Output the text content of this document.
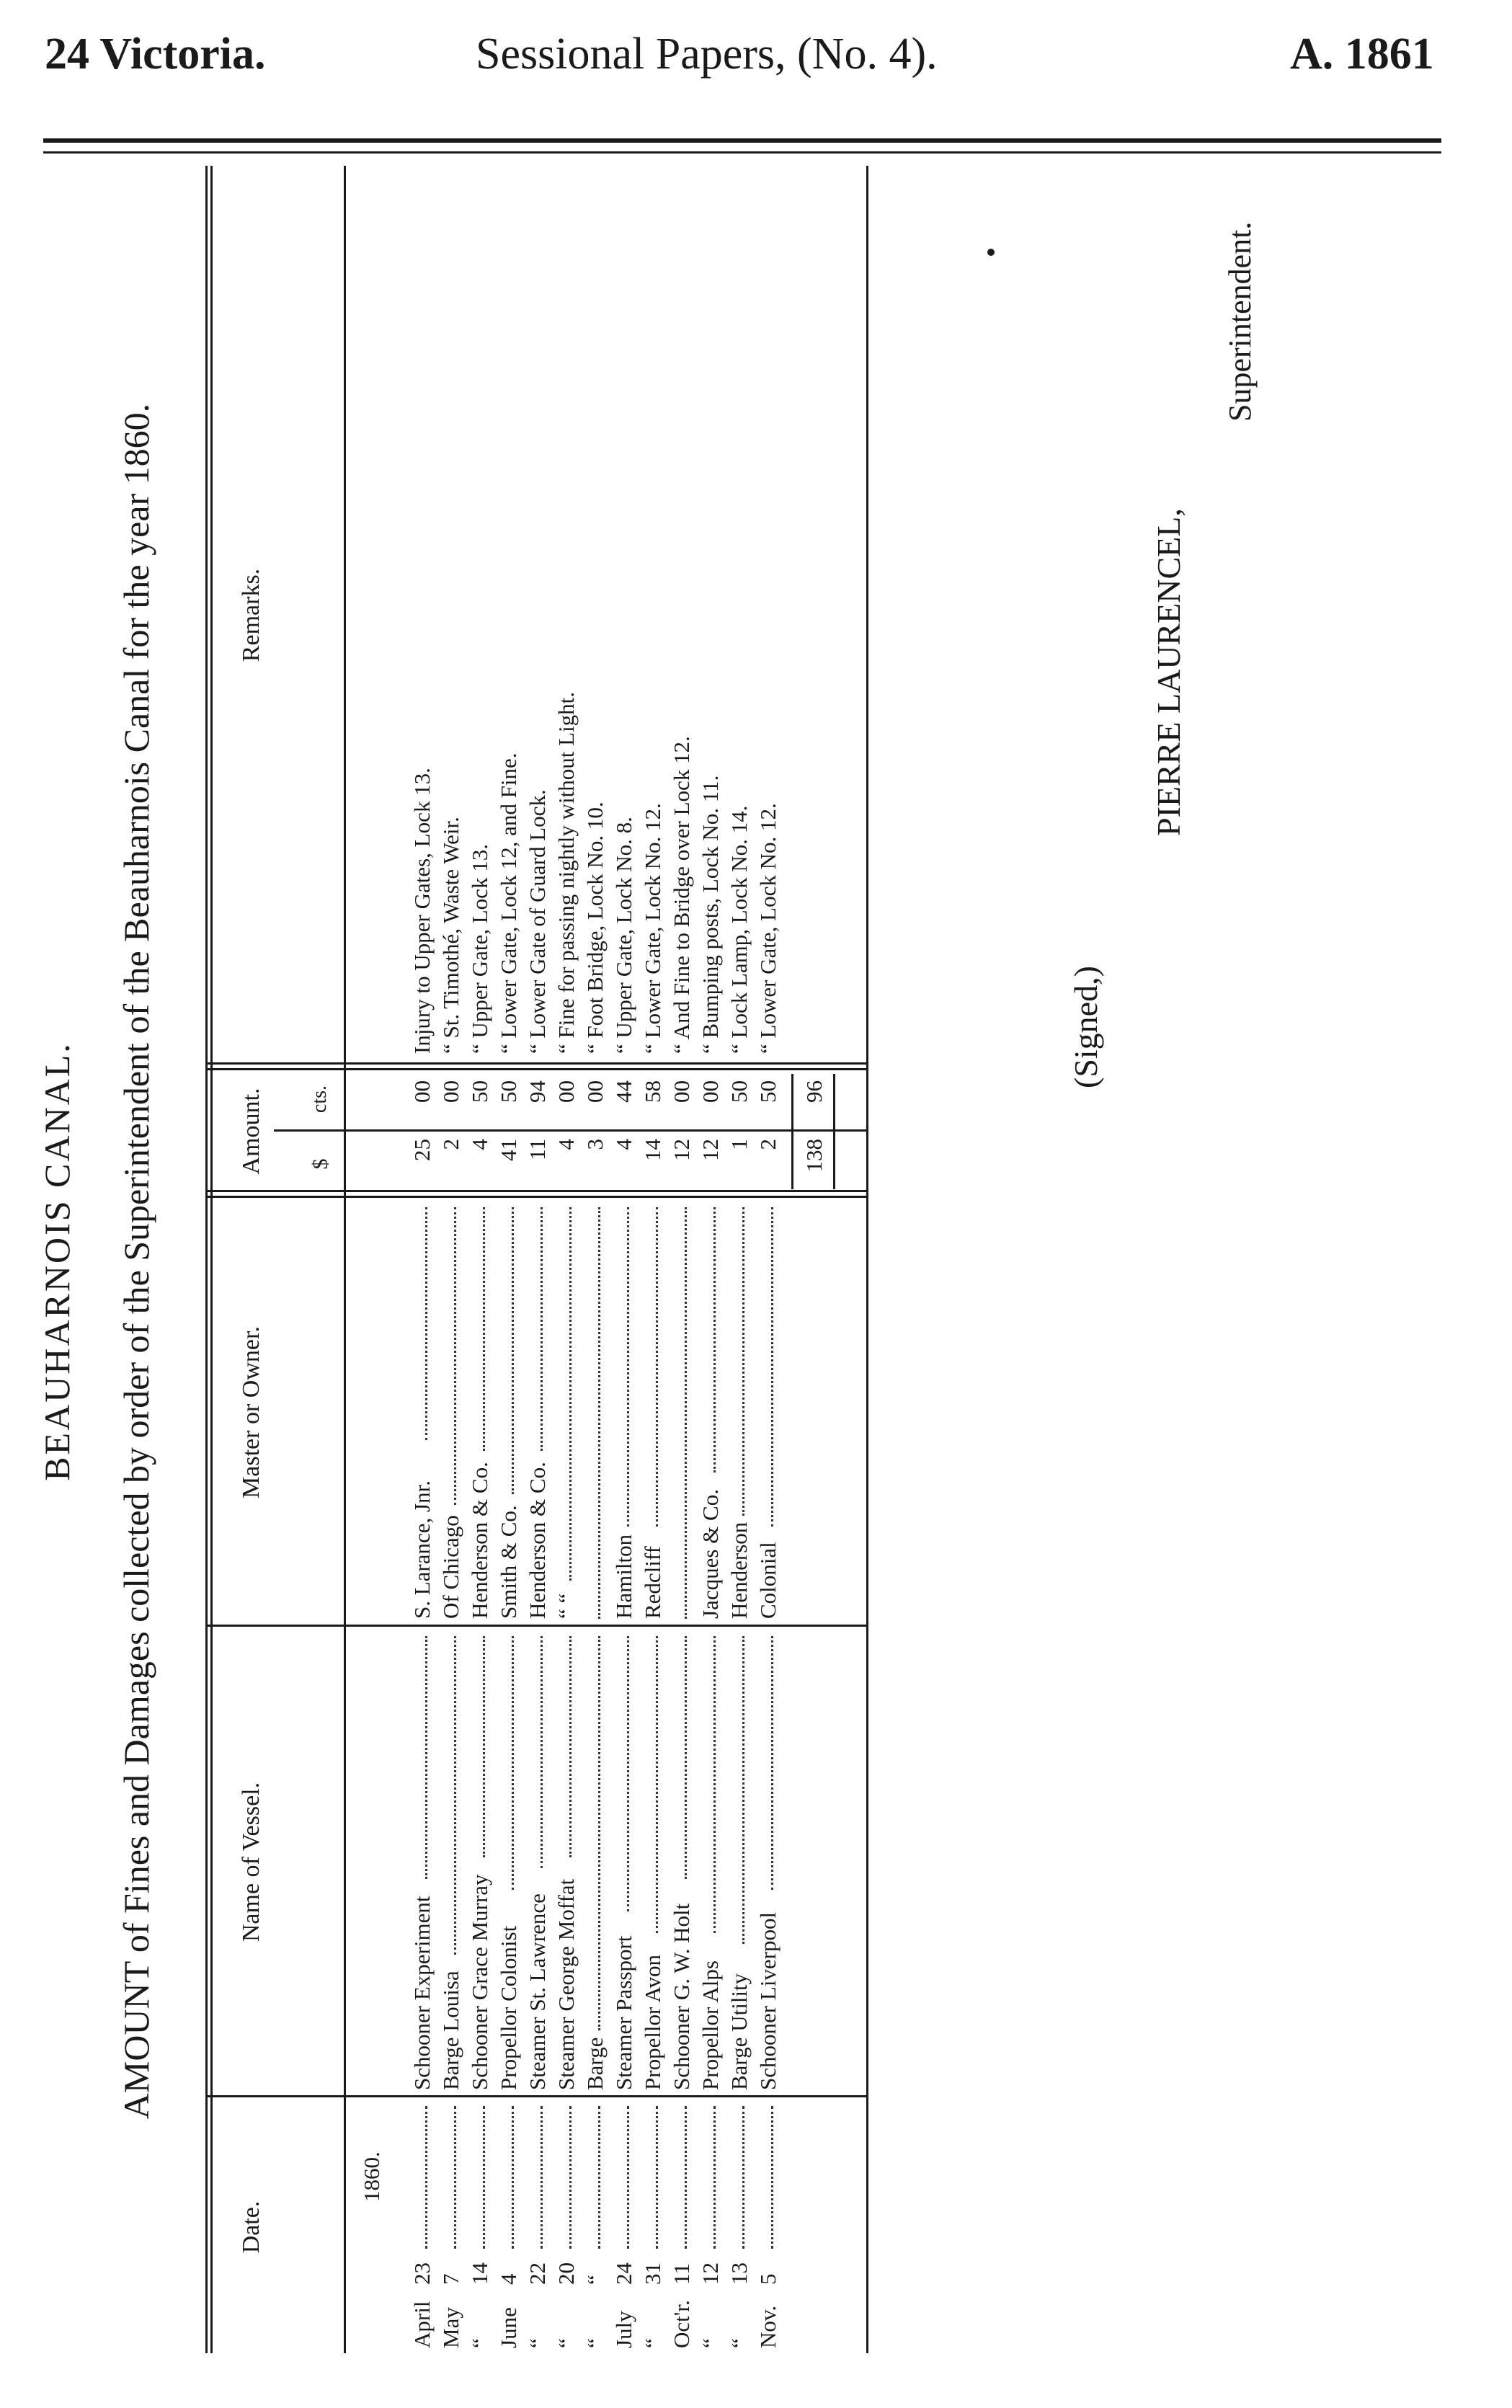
24 Victoria.	Sessional Papers, (No. 4).	A. 1861
BEAUHARNOIS CANAL. AMOUNT of Fines and Damages collected by order of the Superintendent of the Beauharnois Canal for the year 1860.
Date.
Name of Vessel.
Master or Owner.
Amount.
Remarks.
$
cts.
1860.
April
23
Schooner Experiment
S. Larance, Jnr.
25
00
Injury to Upper Gates, Lock 13.
May
7
Barge Louisa
Of Chicago
2
00
“ St. Timothé, Waste Weir.
“
14
Schooner Grace Murray
Henderson & Co.
4
50
“ Upper Gate, Lock 13.
June
4
Propellor Colonist
Smith & Co.
41
50
“ Lower Gate, Lock 12, and Fine.
“
22
Steamer St. Lawrence
Henderson & Co.
11
94
“ Lower Gate of Guard Lock.
“
20
Steamer George Moffat
“ “
4
00
“ Fine for passing nightly without Light.
“
“
Barge
3
00
“ Foot Bridge, Lock No. 10.
July
24
Steamer Passport
Hamilton
4
44
“ Upper Gate, Lock No. 8.
“
31
Propellor Avon
Redcliff
14
58
“ Lower Gate, Lock No. 12.
Oct'r.
11
Schooner G. W. Holt
12
00
“ And Fine to Bridge over Lock 12.
“
12
Propellor Alps
Jacques & Co.
12
00
“ Bumping posts, Lock No. 11.
“
13
Barge Utility
Henderson
1
50
“ Lock Lamp, Lock No. 14.
Nov.
5
Schooner Liverpool
Colonial
2
50
“ Lower Gate, Lock No. 12.
138
96
(Signed,)
PIERRE LAURENCEL,
Superintendent.
